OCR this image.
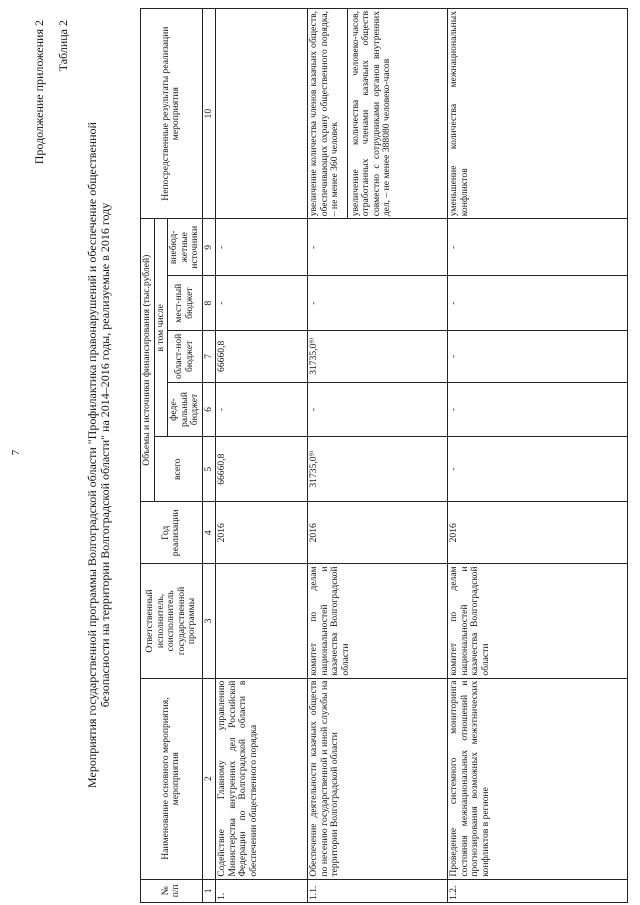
7
Продолжение приложения 2 Таблица 2
Мероприятия государственной программы Волгоградской области "Профилактика правонарушений и обеспечение общественной безопасности на территории Волгоградской области" на 2014–2016 годы, реализуемые в 2016 году
№ п/п	Наименование основного мероприятия, мероприятия	Ответственный исполнитель, соисполнитель государственной программы	Год реализации	Объемы и источники финансирования (тыс.рублей)					Непосредственные результаты реализации мероприятия
				всего	в том числе				
					феде-ральный бюджет	област-ной бюджет	мест-ный бюджет	внебюд-жетные источники	
1	2	3	4	5	6	7	8	9	10
1.	Содействие Главному управлению Министерства внутренних дел Российской Федерации по Волгоградской области в обеспечении общественного порядка		2016	66660,8	-	66660,8	-	-	
1.1.	Обеспечение деятельности казачьих обществ по несению государственной и иной службы на территории Волгоградской области	комитет по делам национальностей и казачества Волгоградской области	2016	31735,0⁹⁾	-	31735,0⁹⁾	-	-	увеличение количества членов казачьих обществ, обеспечивающих охрану общественного порядка, – не менее 360 человек увеличение количества человеко-часов, отработанных членами казачьих обществ совместно с сотрудниками органов внутренних дел, – не менее 388080 человеко-часов

1.2.	Проведение системного мониторинга состояния межнациональных отношений и прогнозирования возможных межэтнических конфликтов в регионе	комитет по делам национальностей и казачества Волгоградской области	2016	-	-	-	-	-	уменьшение количества межнациональных конфликтов
